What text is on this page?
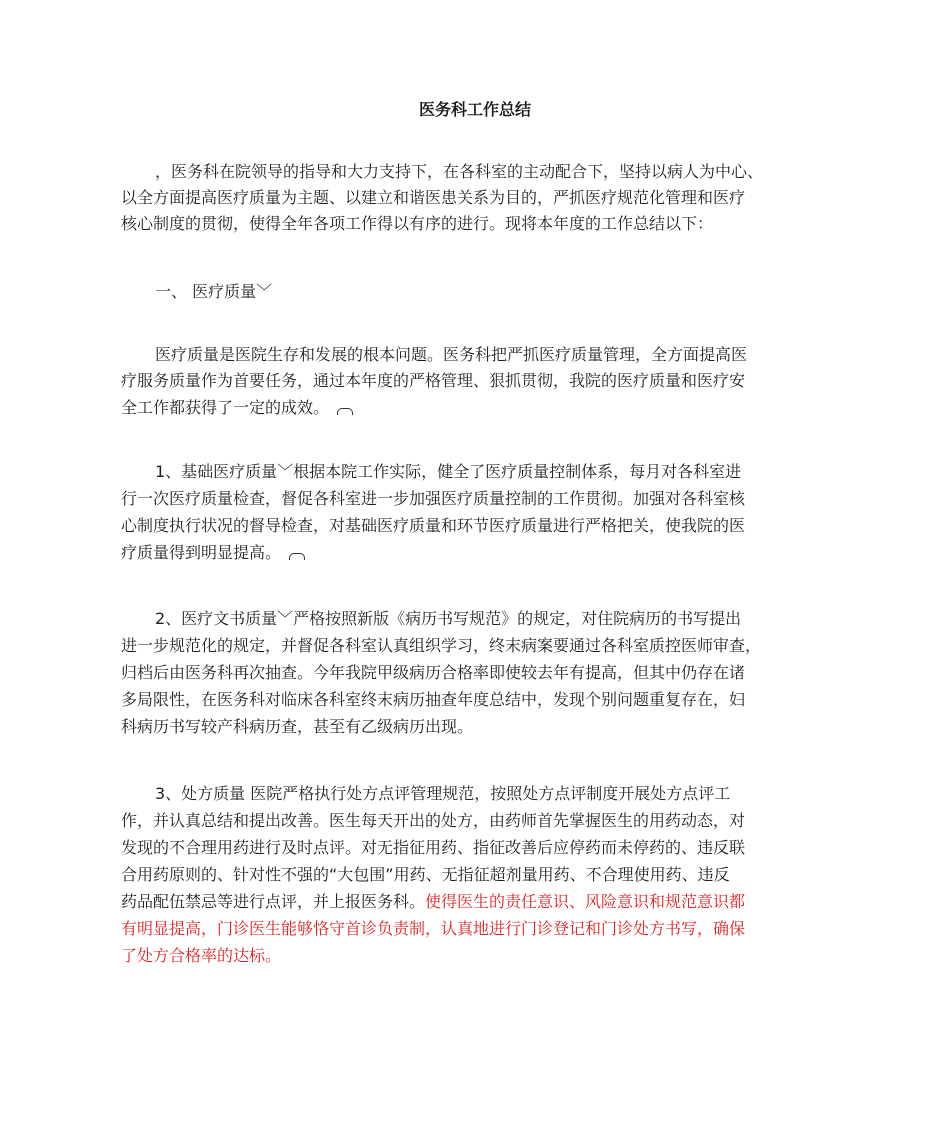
医务科工作总结
，医务科在院领导的指导和大力支持下，在各科室的主动配合下，坚持以病人为中心、
以全方面提高医疗质量为主题、以建立和谐医患关系为目的，严抓医疗规范化管理和医疗
核心制度的贯彻，使得全年各项工作得以有序的进行。现将本年度的工作总结以下：
一、 医疗质量﹀
医疗质量是医院生存和发展的根本问题。医务科把严抓医疗质量管理，全方面提高医
疗服务质量作为首要任务，通过本年度的严格管理、狠抓贯彻，我院的医疗质量和医疗安
全工作都获得了一定的成效。
1、基础医疗质量﹀根据本院工作实际，健全了医疗质量控制体系，每月对各科室进
行一次医疗质量检查，督促各科室进一步加强医疗质量控制的工作贯彻。加强对各科室核
心制度执行状况的督导检查，对基础医疗质量和环节医疗质量进行严格把关，使我院的医
疗质量得到明显提高。
2、医疗文书质量﹀严格按照新版《病历书写规范》的规定，对住院病历的书写提出
进一步规范化的规定，并督促各科室认真组织学习，终末病案要通过各科室质控医师审查，
归档后由医务科再次抽查。今年我院甲级病历合格率即使较去年有提高，但其中仍存在诸
多局限性，在医务科对临床各科室终末病历抽查年度总结中，发现个别问题重复存在，妇
科病历书写较产科病历查，甚至有乙级病历出现。
3、处方质量 医院严格执行处方点评管理规范，按照处方点评制度开展处方点评工
作，并认真总结和提出改善。医生每天开出的处方，由药师首先掌握医生的用药动态，对
发现的不合理用药进行及时点评。对无指征用药、指征改善后应停药而未停药的、违反联
合用药原则的、针对性不强的“大包围”用药、无指征超剂量用药、不合理使用药、违反
药品配伍禁忌等进行点评，并上报医务科。使得医生的责任意识、风险意识和规范意识都
有明显提高，门诊医生能够恪守首诊负责制，认真地进行门诊登记和门诊处方书写，确保
了处方合格率的达标。
